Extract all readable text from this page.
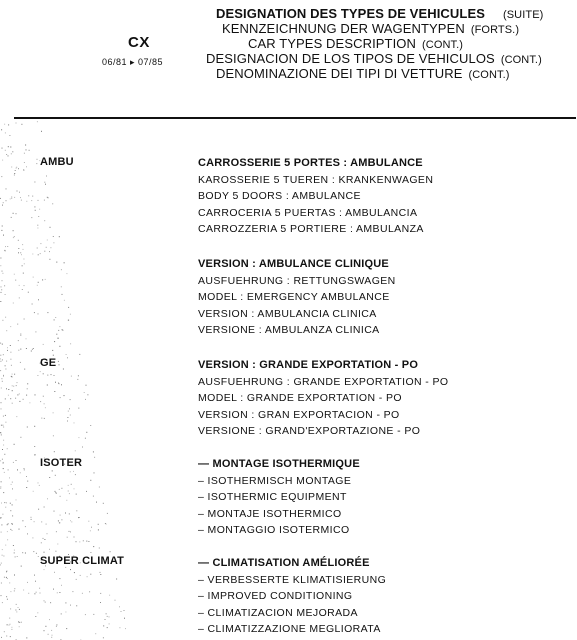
CX
06/81 ▸ 07/85
DESIGNATION DES TYPES DE VEHICULES (SUITE)
KENNZEICHNUNG DER WAGENTYPEN (FORTS.)
CAR TYPES DESCRIPTION (CONT.)
DESIGNACION DE LOS TIPOS DE VEHICULOS (CONT.)
DENOMINAZIONE DEI TIPI DI VETTURE (CONT.)
AMBU	CARROSSERIE 5 PORTES : AMBULANCE
KAROSSERIE 5 TUEREN : KRANKENWAGEN
BODY 5 DOORS : AMBULANCE
CARROCERIA 5 PUERTAS : AMBULANCIA
CARROZZERIA 5 PORTIERE : AMBULANZA
VERSION : AMBULANCE CLINIQUE
AUSFUEHRUNG : RETTUNGSWAGEN
MODEL : EMERGENCY AMBULANCE
VERSION : AMBULANCIA CLINICA
VERSIONE : AMBULANZA CLINICA
GE	VERSION : GRANDE EXPORTATION - PO
AUSFUEHRUNG : GRANDE EXPORTATION - PO
MODEL : GRANDE EXPORTATION - PO
VERSION : GRAN EXPORTACION - PO
VERSIONE : GRAND'EXPORTAZIONE - PO
ISOTER	— MONTAGE ISOTHERMIQUE
– ISOTHERMISCH MONTAGE
– ISOTHERMIC EQUIPMENT
– MONTAJE ISOTHERMICO
– MONTAGGIO ISOTERMICO
SUPER CLIMAT	— CLIMATISATION AMÉLIORÉE
– VERBESSERTE KLIMATISIERUNG
– IMPROVED CONDITIONING
– CLIMATIZACION MEJORADA
– CLIMATIZZAZIONE MEGLIORATA
